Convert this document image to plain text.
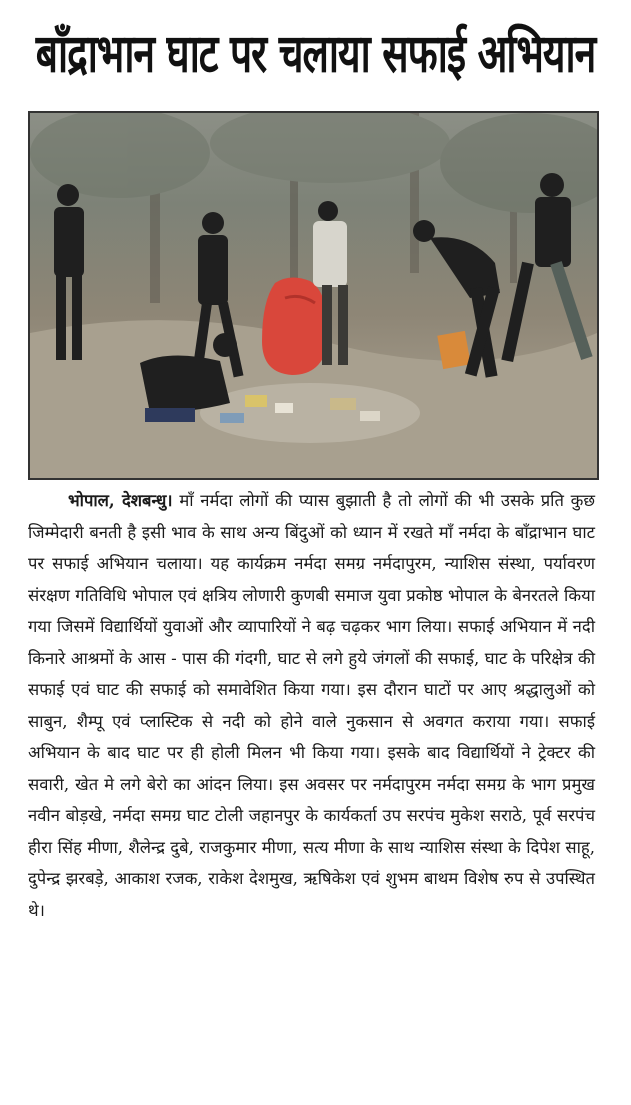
बाँद्राभान घाट पर चलाया सफाई अभियान

भोपाल, देशबन्धु। माँ नर्मदा लोगों की प्यास बुझाती है तो लोगों की भी उसके प्रति कुछ जिम्मेदारी बनती है इसी भाव के साथ अन्य बिंदुओं को ध्यान में रखते माँ नर्मदा के बाँद्राभान घाट पर सफाई अभियान चलाया। यह कार्यक्रम नर्मदा समग्र नर्मदापुरम, न्याशिस संस्था, पर्यावरण संरक्षण गतिविधि भोपाल एवं क्षत्रिय लोणारी कुणबी समाज युवा प्रकोष्ठ भोपाल के बेनरतले किया गया जिसमें विद्यार्थियों युवाओं और व्यापारियों ने बढ़ चढ़कर भाग लिया। सफाई अभियान में नदी किनारे आश्रमों के आस - पास की गंदगी, घाट से लगे हुये जंगलों की सफाई, घाट के परिक्षेत्र की सफाई एवं घाट की सफाई को समावेशित किया गया। इस दौरान घाटों पर आए श्रद्धालुओं को साबुन, शैम्पू एवं प्लास्टिक से नदी को होने वाले नुकसान से अवगत कराया गया। सफाई अभियान के बाद घाट पर ही होली मिलन भी किया गया। इसके बाद विद्यार्थियों ने ट्रेक्टर की सवारी, खेत मे लगे बेरो का आंदन लिया। इस अवसर पर नर्मदापुरम नर्मदा समग्र के भाग प्रमुख नवीन बोड़खे, नर्मदा समग्र घाट टोली जहानपुर के कार्यकर्ता उप सरपंच मुकेश सराठे, पूर्व सरपंच हीरा सिंह मीणा, शैलेन्द्र दुबे, राजकुमार मीणा, सत्य मीणा के साथ न्याशिस संस्था के दिपेश साहू, दुपेन्द्र झरबड़े, आकाश रजक, राकेश देशमुख, ऋषिकेश एवं शुभम बाथम विशेष रुप से उपस्थित थे।
